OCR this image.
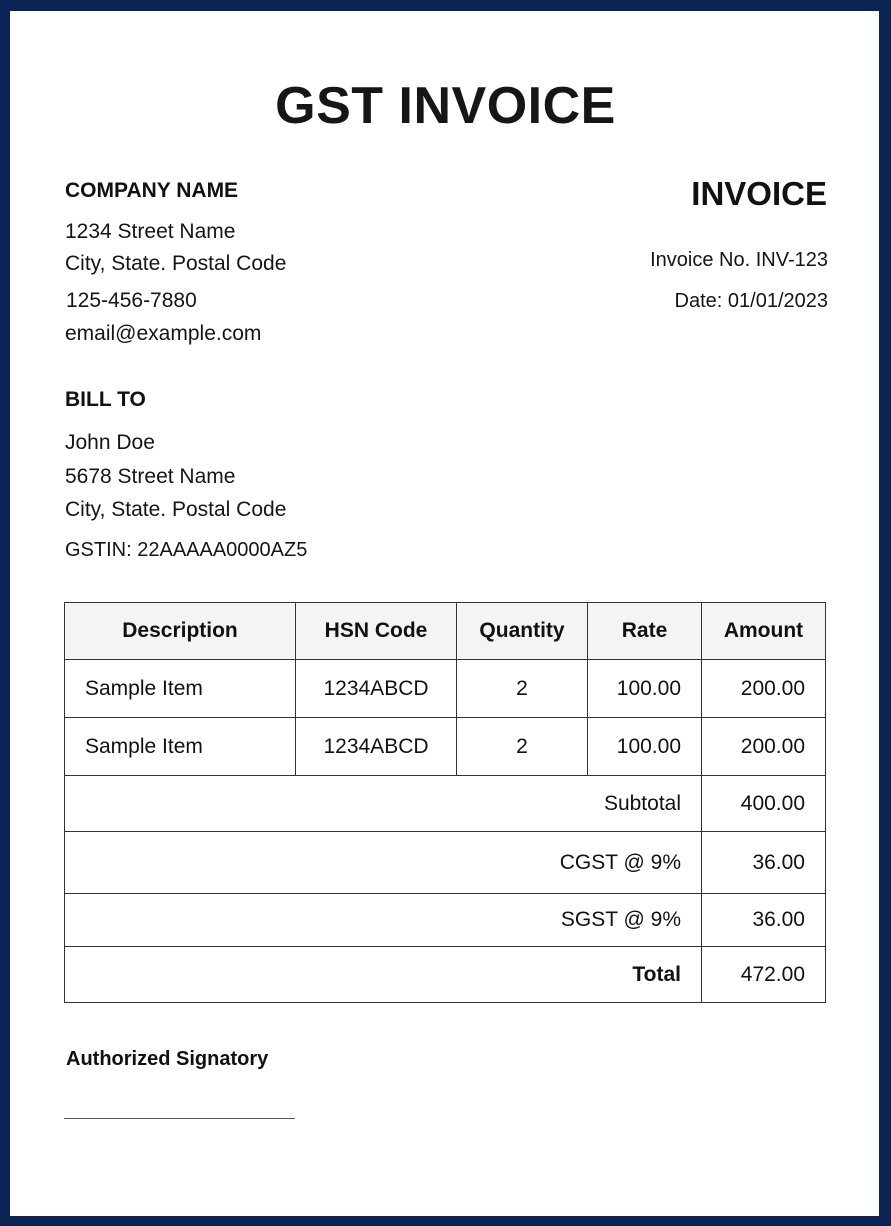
GST INVOICE
COMPANY NAME
1234 Street Name
City, State. Postal Code
125-456-7880
email@example.com
INVOICE
Invoice No. INV-123
Date: 01/01/2023
BILL TO
John Doe
5678 Street Name
City, State. Postal Code
GSTIN: 22AAAAA0000AZ5
Description	HSN Code	Quantity	Rate	Amount
Sample Item	1234ABCD	2	100.00	200.00
Sample Item	1234ABCD	2	100.00	200.00
Subtotal				400.00
CGST @ 9%				36.00
SGST @ 9%				36.00
Total				472.00
Authorized Signatory
